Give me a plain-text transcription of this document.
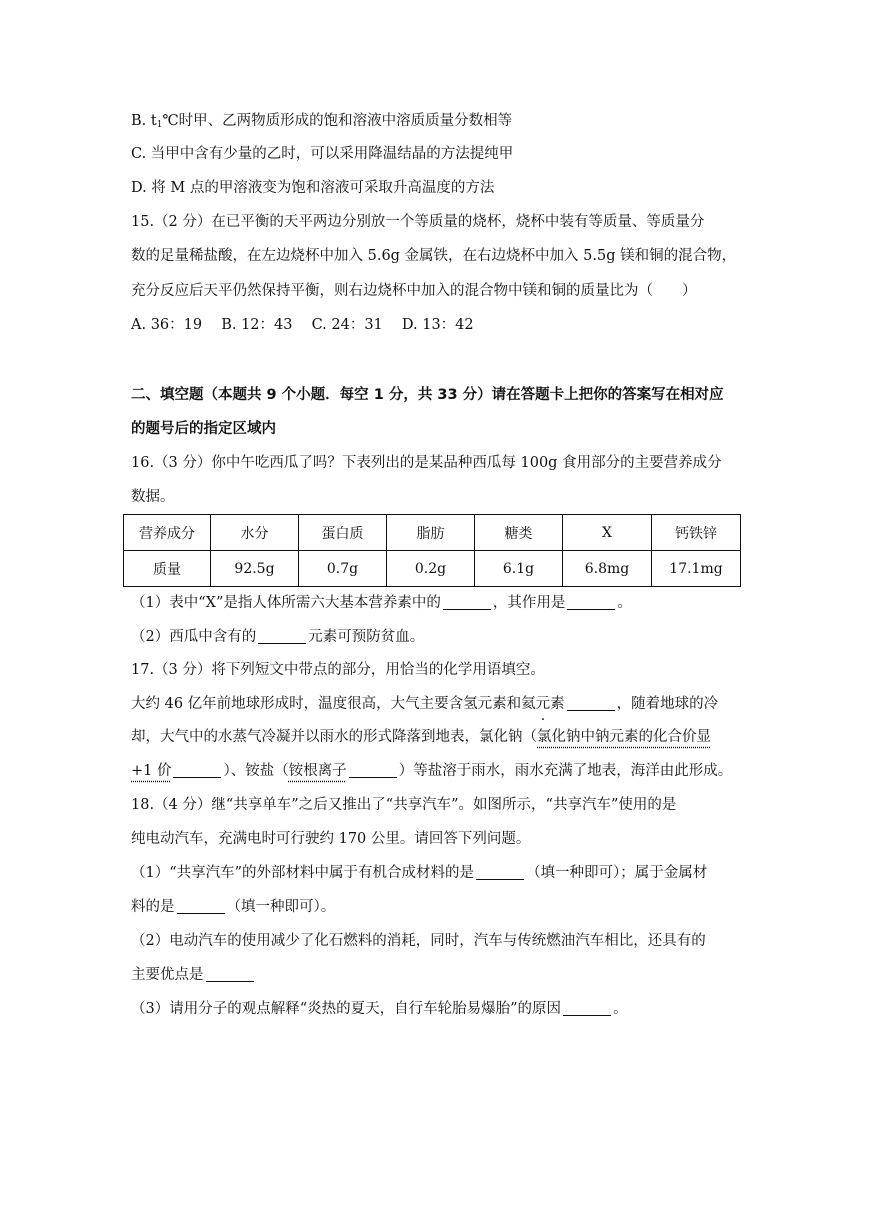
B. $t_1℃$时甲、乙两物质形成的饱和溶液中溶质质量分数相等
C. 当甲中含有少量的乙时，可以采用降温结晶的方法提纯甲
D. 将 M 点的甲溶液变为饱和溶液可采取升高温度的方法
15.（2 分）在已平衡的天平两边分别放一个等质量的烧杯，烧杯中装有等质量、等质量分
数的足量稀盐酸，在左边烧杯中加入 5.6g 金属铁，在右边烧杯中加入 5.5g 镁和铜的混合物，
充分反应后天平仍然保持平衡，则右边烧杯中加入的混合物中镁和铜的质量比为（　　）
A. 36：19　 B. 12：43　 C. 24：31　 D. 13：42
二、填空题（本题共 9 个小题．每空 1 分，共 33 分）请在答题卡上把你的答案写在相对应
的题号后的指定区域内
16.（3 分）你中午吃西瓜了吗？下表列出的是某品种西瓜每 100g 食用部分的主要营养成分
数据。
营养成分	水分	蛋白质	脂肪	糖类	X	钙铁锌
质量	92.5g	0.7g	0.2g	6.1g	6.8mg	17.1mg
（1）表中“X”是指人体所需六大基本营养素中的	，其作用是	。
（2）西瓜中含有的	元素可预防贫血。
17.（3 分）将下列短文中带点的部分，用恰当的化学用语填空。
大约 46 亿年前地球形成时，温度很高，大气主要含氢元素和氦元素	，随着地球的冷
却，大气中的水蒸气冷凝并以雨水的形式降落到地表，氯化钠（氯化钠中钠元素的化合价显
+1 价	）、铵盐（铵根离子	）等盐溶于雨水，雨水充满了地表，海洋由此形成。
18.（4 分）继“共享单车”之后又推出了“共享汽车”。如图所示，“共享汽车”使用的是
纯电动汽车，充满电时可行驶约 170 公里。请回答下列问题。
（1）“共享汽车”的外部材料中属于有机合成材料的是	（填一种即可）；属于金属材
料的是	（填一种即可）。
（2）电动汽车的使用减少了化石燃料的消耗，同时，汽车与传统燃油汽车相比，还具有的
主要优点是
（3）请用分子的观点解释“炎热的夏天，自行车轮胎易爆胎”的原因	。
